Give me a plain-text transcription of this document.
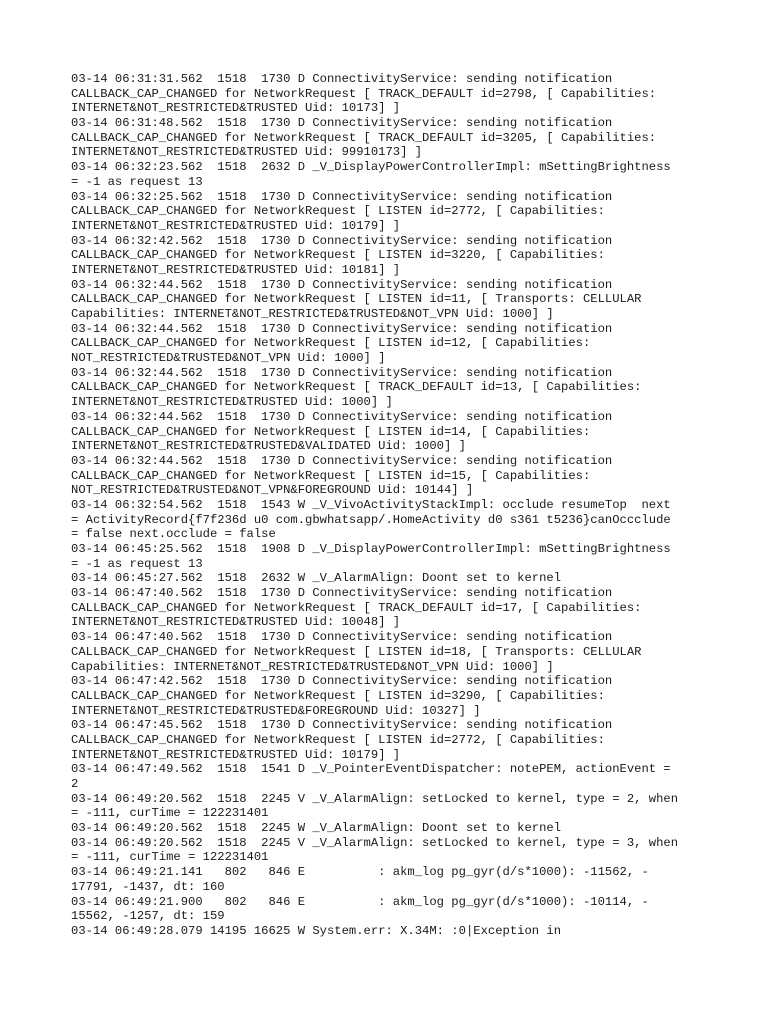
03-14 06:31:31.562  1518  1730 D ConnectivityService: sending notification
CALLBACK_CAP_CHANGED for NetworkRequest [ TRACK_DEFAULT id=2798, [ Capabilities:
INTERNET&NOT_RESTRICTED&TRUSTED Uid: 10173] ]
03-14 06:31:48.562  1518  1730 D ConnectivityService: sending notification
CALLBACK_CAP_CHANGED for NetworkRequest [ TRACK_DEFAULT id=3205, [ Capabilities:
INTERNET&NOT_RESTRICTED&TRUSTED Uid: 99910173] ]
03-14 06:32:23.562  1518  2632 D _V_DisplayPowerControllerImpl: mSettingBrightness
= -1 as request 13
03-14 06:32:25.562  1518  1730 D ConnectivityService: sending notification
CALLBACK_CAP_CHANGED for NetworkRequest [ LISTEN id=2772, [ Capabilities:
INTERNET&NOT_RESTRICTED&TRUSTED Uid: 10179] ]
03-14 06:32:42.562  1518  1730 D ConnectivityService: sending notification
CALLBACK_CAP_CHANGED for NetworkRequest [ LISTEN id=3220, [ Capabilities:
INTERNET&NOT_RESTRICTED&TRUSTED Uid: 10181] ]
03-14 06:32:44.562  1518  1730 D ConnectivityService: sending notification
CALLBACK_CAP_CHANGED for NetworkRequest [ LISTEN id=11, [ Transports: CELLULAR
Capabilities: INTERNET&NOT_RESTRICTED&TRUSTED&NOT_VPN Uid: 1000] ]
03-14 06:32:44.562  1518  1730 D ConnectivityService: sending notification
CALLBACK_CAP_CHANGED for NetworkRequest [ LISTEN id=12, [ Capabilities:
NOT_RESTRICTED&TRUSTED&NOT_VPN Uid: 1000] ]
03-14 06:32:44.562  1518  1730 D ConnectivityService: sending notification
CALLBACK_CAP_CHANGED for NetworkRequest [ TRACK_DEFAULT id=13, [ Capabilities:
INTERNET&NOT_RESTRICTED&TRUSTED Uid: 1000] ]
03-14 06:32:44.562  1518  1730 D ConnectivityService: sending notification
CALLBACK_CAP_CHANGED for NetworkRequest [ LISTEN id=14, [ Capabilities:
INTERNET&NOT_RESTRICTED&TRUSTED&VALIDATED Uid: 1000] ]
03-14 06:32:44.562  1518  1730 D ConnectivityService: sending notification
CALLBACK_CAP_CHANGED for NetworkRequest [ LISTEN id=15, [ Capabilities:
NOT_RESTRICTED&TRUSTED&NOT_VPN&FOREGROUND Uid: 10144] ]
03-14 06:32:54.562  1518  1543 W _V_VivoActivityStackImpl: occlude resumeTop  next
= ActivityRecord{f7f236d u0 com.gbwhatsapp/.HomeActivity d0 s361 t5236}canOccclude
= false next.occlude = false
03-14 06:45:25.562  1518  1908 D _V_DisplayPowerControllerImpl: mSettingBrightness
= -1 as request 13
03-14 06:45:27.562  1518  2632 W _V_AlarmAlign: Doont set to kernel
03-14 06:47:40.562  1518  1730 D ConnectivityService: sending notification
CALLBACK_CAP_CHANGED for NetworkRequest [ TRACK_DEFAULT id=17, [ Capabilities:
INTERNET&NOT_RESTRICTED&TRUSTED Uid: 10048] ]
03-14 06:47:40.562  1518  1730 D ConnectivityService: sending notification
CALLBACK_CAP_CHANGED for NetworkRequest [ LISTEN id=18, [ Transports: CELLULAR
Capabilities: INTERNET&NOT_RESTRICTED&TRUSTED&NOT_VPN Uid: 1000] ]
03-14 06:47:42.562  1518  1730 D ConnectivityService: sending notification
CALLBACK_CAP_CHANGED for NetworkRequest [ LISTEN id=3290, [ Capabilities:
INTERNET&NOT_RESTRICTED&TRUSTED&FOREGROUND Uid: 10327] ]
03-14 06:47:45.562  1518  1730 D ConnectivityService: sending notification
CALLBACK_CAP_CHANGED for NetworkRequest [ LISTEN id=2772, [ Capabilities:
INTERNET&NOT_RESTRICTED&TRUSTED Uid: 10179] ]
03-14 06:47:49.562  1518  1541 D _V_PointerEventDispatcher: notePEM, actionEvent =
2
03-14 06:49:20.562  1518  2245 V _V_AlarmAlign: setLocked to kernel, type = 2, when
= -111, curTime = 122231401
03-14 06:49:20.562  1518  2245 W _V_AlarmAlign: Doont set to kernel
03-14 06:49:20.562  1518  2245 V _V_AlarmAlign: setLocked to kernel, type = 3, when
= -111, curTime = 122231401
03-14 06:49:21.141   802   846 E          : akm_log pg_gyr(d/s*1000): -11562, -
17791, -1437, dt: 160
03-14 06:49:21.900   802   846 E          : akm_log pg_gyr(d/s*1000): -10114, -
15562, -1257, dt: 159
03-14 06:49:28.079 14195 16625 W System.err: X.34M: :0|Exception in
